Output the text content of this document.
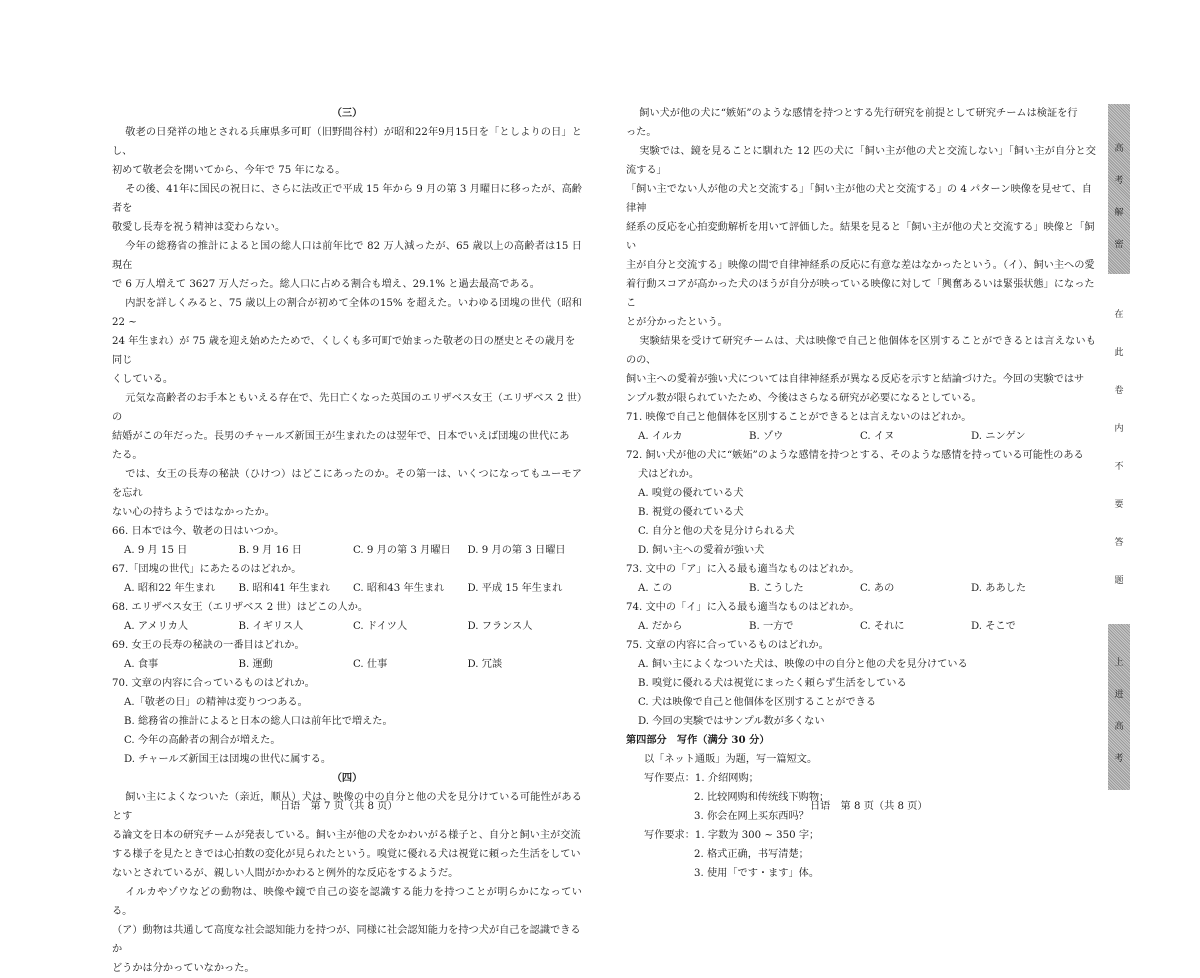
（三）
敬老の日発祥の地とされる兵庫県多可町（旧野間谷村）が昭和22年9月15日を「としよりの日」とし、
初めて敬老会を開いてから、今年で 75 年になる。
その後、41年に国民の祝日に、さらに法改正で平成 15 年から 9 月の第 3 月曜日に移ったが、高齢者を
敬愛し長寿を祝う精神は変わらない。
今年の総務省の推計によると国の総人口は前年比で 82 万人減ったが、65 歳以上の高齢者は15 日現在
で 6 万人増えて 3627 万人だった。総人口に占める割合も増え、29.1% と過去最高である。
内訳を詳しくみると、75 歳以上の割合が初めて全体の15% を超えた。いわゆる団塊の世代（昭和22 ~
24 年生まれ）が 75 歳を迎え始めたためで、くしくも多可町で始まった敬老の日の歴史とその歳月を同じ
くしている。
元気な高齢者のお手本ともいえる存在で、先日亡くなった英国のエリザベス女王（エリザベス 2 世）の
結婚がこの年だった。長男のチャールズ新国王が生まれたのは翌年で、日本でいえば団塊の世代にあ
たる。
では、女王の長寿の秘訣（ひけつ）はどこにあったのか。その第一は、いくつになってもユーモアを忘れ
ない心の持ちようではなかったか。
66. 日本では今、敬老の日はいつか。
A. 9 月 15 日	B. 9 月 16 日	C. 9 月の第 3 月曜日	D. 9 月の第 3 日曜日
67.「団塊の世代」にあたるのはどれか。
A. 昭和22 年生まれ	B. 昭和41 年生まれ	C. 昭和43 年生まれ	D. 平成 15 年生まれ
68. エリザベス女王（エリザベス 2 世）はどこの人か。
A. アメリカ人	B. イギリス人	C. ドイツ人	D. フランス人
69. 女王の長寿の秘訣の一番目はどれか。
A. 食事	B. 運動	C. 仕事	D. 冗談
70. 文章の内容に合っているものはどれか。
A.「敬老の日」の精神は変りつつある。
B. 総務省の推計によると日本の総人口は前年比で増えた。
C. 今年の高齢者の割合が増えた。
D. チャールズ新国王は団塊の世代に属する。
（四）
飼い主によくなついた（亲近，顺从）犬は、映像の中の自分と他の犬を見分けている可能性があるとす
る論文を日本の研究チームが発表している。飼い主が他の犬をかわいがる様子と、自分と飼い主が交流
する様子を見たときでは心拍数の変化が見られたという。嗅覚に優れる犬は視覚に頼った生活をしてい
ないとされているが、親しい人間がかかわると例外的な反応をするようだ。
イルカやゾウなどの動物は、映像や鏡で自己の姿を認識する能力を持つことが明らかになっている。
（ア）動物は共通して高度な社会認知能力を持つが、同様に社会認知能力を持つ犬が自己を認識できるか
どうかは分かっていなかった。
飼い犬が他の犬に“嫉妬”のような感情を持つとする先行研究を前提として研究チームは検証を行
った。
実験では、鏡を見ることに馴れた 12 匹の犬に「飼い主が他の犬と交流しない」「飼い主が自分と交流する」
「飼い主でない人が他の犬と交流する」「飼い主が他の犬と交流する」の 4 パターン映像を見せて、自律神
経系の反応を心拍変動解析を用いて評価した。結果を見ると「飼い主が他の犬と交流する」映像と「飼い
主が自分と交流する」映像の間で自律神経系の反応に有意な差はなかったという。（イ）、飼い主への愛
着行動スコアが高かった犬のほうが自分が映っている映像に対して「興奮あるいは緊張状態」になったこ
とが分かったという。
実験結果を受けて研究チームは、犬は映像で自己と他個体を区別することができるとは言えないものの、
飼い主への愛着が強い犬については自律神経系が異なる反応を示すと結論づけた。今回の実験ではサ
ンプル数が限られていたため、今後はさらなる研究が必要になるとしている。
71. 映像で自己と他個体を区別することができるとは言えないのはどれか。
A. イルカ	B. ゾウ	C. イヌ	D. ニンゲン
72. 飼い犬が他の犬に“嫉妬”のような感情を持つとする、そのような感情を持っている可能性のある
犬はどれか。
A. 嗅覚の優れている犬
B. 視覚の優れている犬
C. 自分と他の犬を見分けられる犬
D. 飼い主への愛着が強い犬
73. 文中の「ア」に入る最も適当なものはどれか。
A. この	B. こうした	C. あの	D. ああした
74. 文中の「イ」に入る最も適当なものはどれか。
A. だから	B. 一方で	C. それに	D. そこで
75. 文章の内容に合っているものはどれか。
A. 飼い主によくなついた犬は、映像の中の自分と他の犬を見分けている
B. 嗅覚に優れる犬は視覚にまったく頼らず生活をしている
C. 犬は映像で自己と他個体を区別することができる
D. 今回の実験ではサンプル数が多くない
第四部分　写作（满分 30 分）
以「ネット通販」为题，写一篇短文。
写作要点：1. 介绍网购；
2. 比较网购和传统线下购物；
3. 你会在网上买东西吗？
写作要求：1. 字数为 300 ~ 350 字；
2. 格式正确，书写清楚；
3. 使用「です・ます」体。
日语　第 7 页（共 8 页）	日语　第 8 页（共 8 页）
高
考
解
密
在
此
卷
内
不
要
答
题
上
进
高
考
